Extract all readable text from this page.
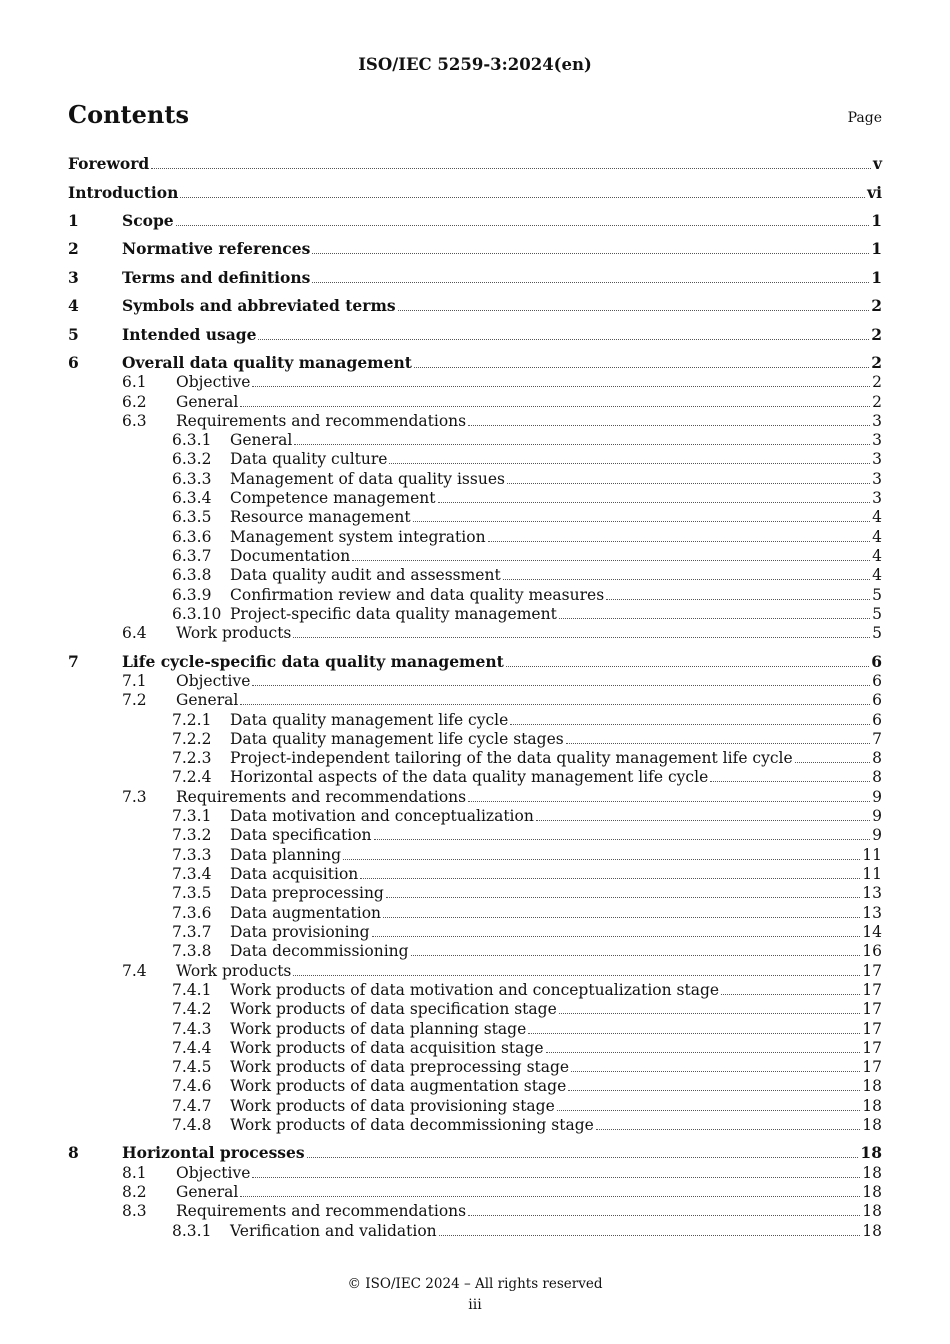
ISO/IEC 5259-3:2024(en)
Contents	Page
Foreword	v
Introduction	vi
1	Scope	1
2	Normative references	1
3	Terms and definitions	1
4	Symbols and abbreviated terms	2
5	Intended usage	2
6	Overall data quality management	2
6.1	Objective	2
6.2	General	2
6.3	Requirements and recommendations	3
6.3.1	General	3
6.3.2	Data quality culture	3
6.3.3	Management of data quality issues	3
6.3.4	Competence management	3
6.3.5	Resource management	4
6.3.6	Management system integration	4
6.3.7	Documentation	4
6.3.8	Data quality audit and assessment	4
6.3.9	Confirmation review and data quality measures	5
6.3.10 Project-specific data quality management	5
6.4	Work products	5
7	Life cycle-specific data quality management	6
7.1	Objective	6
7.2	General	6
7.2.1	Data quality management life cycle	6
7.2.2	Data quality management life cycle stages	7
7.2.3	Project-independent tailoring of the data quality management life cycle	8
7.2.4	Horizontal aspects of the data quality management life cycle	8
7.3	Requirements and recommendations	9
7.3.1	Data motivation and conceptualization	9
7.3.2	Data specification	9
7.3.3	Data planning	11
7.3.4	Data acquisition	11
7.3.5	Data preprocessing	13
7.3.6	Data augmentation	13
7.3.7	Data provisioning	14
7.3.8	Data decommissioning	16
7.4	Work products	17
7.4.1	Work products of data motivation and conceptualization stage	17
7.4.2	Work products of data specification stage	17
7.4.3	Work products of data planning stage	17
7.4.4	Work products of data acquisition stage	17
7.4.5	Work products of data preprocessing stage	17
7.4.6	Work products of data augmentation stage	18
7.4.7	Work products of data provisioning stage	18
7.4.8	Work products of data decommissioning stage	18
8	Horizontal processes	18
8.1	Objective	18
8.2	General	18
8.3	Requirements and recommendations	18
8.3.1	Verification and validation	18
© ISO/IEC 2024 – All rights reserved
iii
